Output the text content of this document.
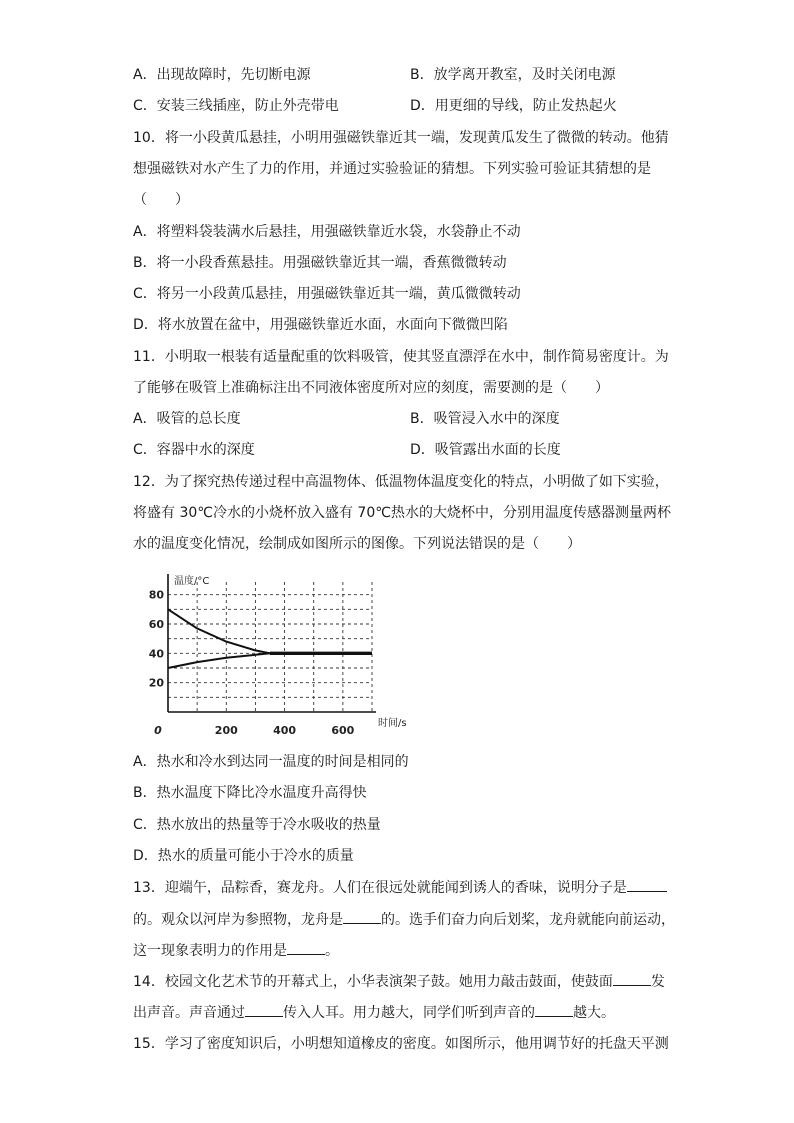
A．出现故障时，先切断电源	B．放学离开教室，及时关闭电源
C．安装三线插座，防止外壳带电	D．用更细的导线，防止发热起火
10．将一小段黄瓜悬挂，小明用强磁铁靠近其一端，发现黄瓜发生了微微的转动。他猜
想强磁铁对水产生了力的作用，并通过实验验证的猜想。下列实验可验证其猜想的是
（　　）
A．将塑料袋装满水后悬挂，用强磁铁靠近水袋，水袋静止不动
B．将一小段香蕉悬挂。用强磁铁靠近其一端，香蕉微微转动
C．将另一小段黄瓜悬挂，用强磁铁靠近其一端，黄瓜微微转动
D．将水放置在盆中，用强磁铁靠近水面，水面向下微微凹陷
11．小明取一根装有适量配重的饮料吸管，使其竖直漂浮在水中，制作简易密度计。为
了能够在吸管上准确标注出不同液体密度所对应的刻度，需要测的是（　　）
A．吸管的总长度	B．吸管浸入水中的深度
C．容器中水的深度	D．吸管露出水面的长度
12．为了探究热传递过程中高温物体、低温物体温度变化的特点，小明做了如下实验，
将盛有 30℃冷水的小烧杯放入盛有 70℃热水的大烧杯中，分别用温度传感器测量两杯
水的温度变化情况，绘制成如图所示的图像。下列说法错误的是（　　）
温度/°C
时间/s
20
40
60
80
0	200	400	600
A．热水和冷水到达同一温度的时间是相同的
B．热水温度下降比冷水温度升高得快
C．热水放出的热量等于冷水吸收的热量
D．热水的质量可能小于冷水的质量
13．迎端午，品粽香，赛龙舟。人们在很远处就能闻到诱人的香味，说明分子是
的。观众以河岸为参照物，龙舟是	的。选手们奋力向后划桨，龙舟就能向前运动，
这一现象表明力的作用是	。
14．校园文化艺术节的开幕式上，小华表演架子鼓。她用力敲击鼓面，使鼓面	发
出声音。声音通过	传入人耳。用力越大，同学们听到声音的	越大。
15．学习了密度知识后，小明想知道橡皮的密度。如图所示，他用调节好的托盘天平测
